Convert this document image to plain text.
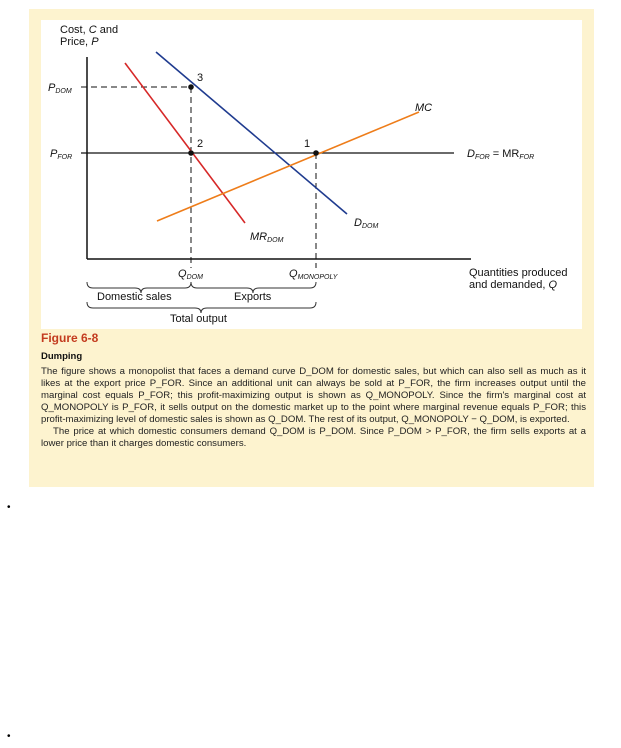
Cost, C and
Price, P
$P_{DOM}$
$P_{FOR}$
3
2	1
MC
$D_{FOR} = MR_{FOR}$
$D_{DOM}$
$MR_{DOM}$
$Q_{DOM}$	$Q_{MONOPOLY}$	Quantities produced
and demanded, Q
Domestic sales	Exports
Total output
Figure 6-8
Dumping

The figure shows a monopolist that faces a demand curve D_DOM for domestic sales, but which can also sell as much as it likes at the export price P_FOR. Since an additional unit can always be sold at P_FOR, the firm increases output until the marginal cost equals P_FOR; this profit-maximizing output is shown as Q_MONOPOLY. Since the firm's marginal cost at Q_MONOPOLY is P_FOR, it sells output on the domestic market up to the point where marginal revenue equals P_FOR; this profit-maximizing level of domestic sales is shown as Q_DOM. The rest of its output, Q_MONOPOLY − Q_DOM, is exported.

The price at which domestic consumers demand Q_DOM is P_DOM. Since P_DOM > P_FOR, the firm sells exports at a lower price than it charges domestic consumers.

•
•
